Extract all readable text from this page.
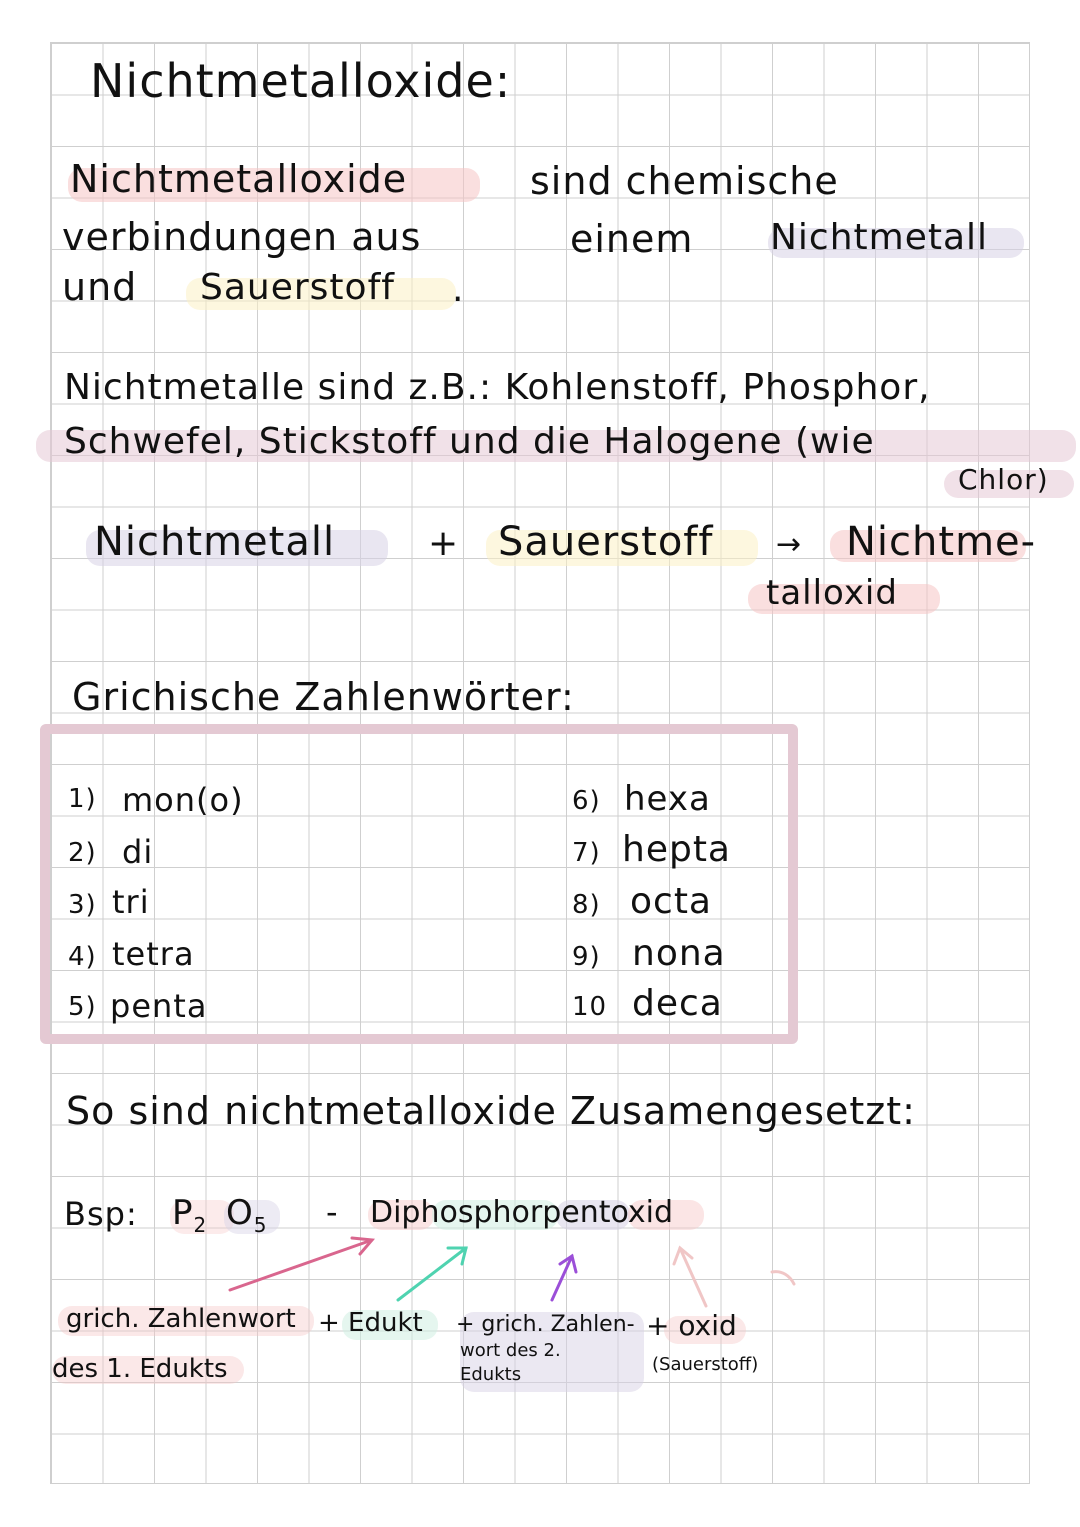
Nichtmetalloxide:
Nichtmetalloxide	sind chemische
verbindungen aus	einem Nichtmetall
und Sauerstoff .
Nichtmetalle sind z.B.: Kohlenstoff, Phosphor,
Schwefel, Stickstoff und die Halogene (wie
Chlor)
Nichtmetall	+ Sauerstoff → Nichtme-
talloxid
Grichische Zahlenwörter:
1) mon(o)
2) di
3) tri
4) tetra
5) penta
6) hexa
7) hepta
8) octa
9) nona
10 deca
So sind nichtmetalloxide Zusamengesetzt:
Bsp: $P_2$ $O_5$ - Diphosphorpentoxid
grich. Zahlenwort
des 1. Edukts
+ Edukt + grich. Zahlen-
wort des 2.
Edukts
+ oxid
(Sauerstoff)
